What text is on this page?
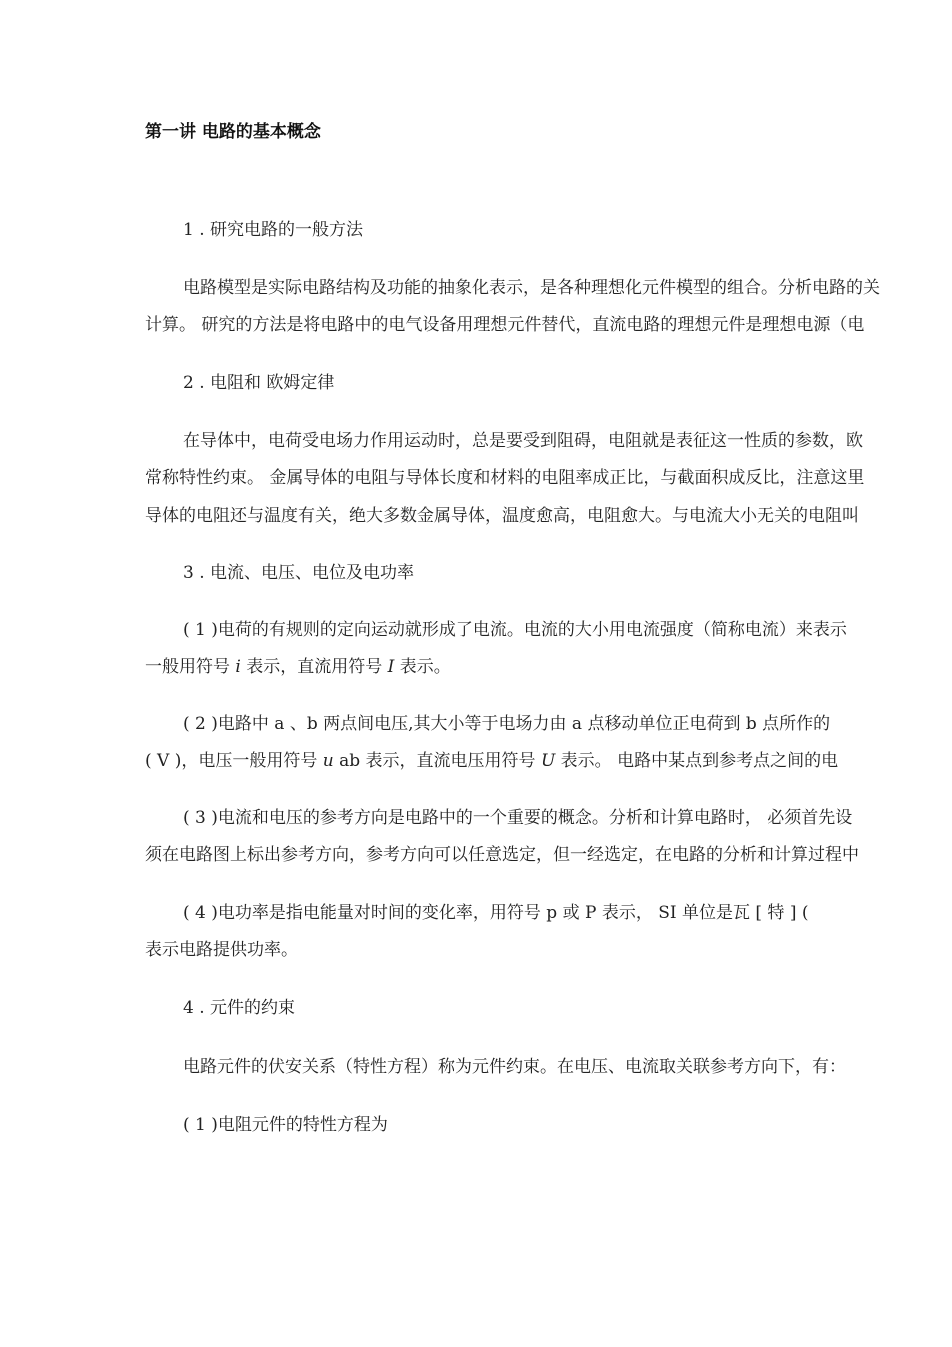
第一讲 电路的基本概念
1 . 研究电路的一般方法
电路模型是实际电路结构及功能的抽象化表示，是各种理想化元件模型的组合。分析电路的关
计算。 研究的方法是将电路中的电气设备用理想元件替代，直流电路的理想元件是理想电源（电
2 . 电阻和 欧姆定律
在导体中，电荷受电场力作用运动时，总是要受到阻碍，电阻就是表征这一性质的参数，欧
常称特性约束。 金属导体的电阻与导体长度和材料的电阻率成正比，与截面积成反比，注意这里
导体的电阻还与温度有关，绝大多数金属导体，温度愈高，电阻愈大。与电流大小无关的电阻叫
3 . 电流、电压、电位及电功率
( 1 )电荷的有规则的定向运动就形成了电流。电流的大小用电流强度（简称电流）来表示
一般用符号 i 表示，直流用符号 I 表示。
( 2 )电路中 a 、b 两点间电压,其大小等于电场力由 a 点移动单位正电荷到 b 点所作的
( V )，电压一般用符号 u ab 表示，直流电压用符号 U 表示。 电路中某点到参考点之间的电
( 3 )电流和电压的参考方向是电路中的一个重要的概念。分析和计算电路时， 必须首先设
须在电路图上标出参考方向，参考方向可以任意选定，但一经选定，在电路的分析和计算过程中
( 4 )电功率是指电能量对时间的变化率，用符号 p 或 P 表示， SI 单位是瓦 [ 特 ] (
表示电路提供功率。
4 . 元件的约束
电路元件的伏安关系（特性方程）称为元件约束。在电压、电流取关联参考方向下，有：
( 1 )电阻元件的特性方程为
